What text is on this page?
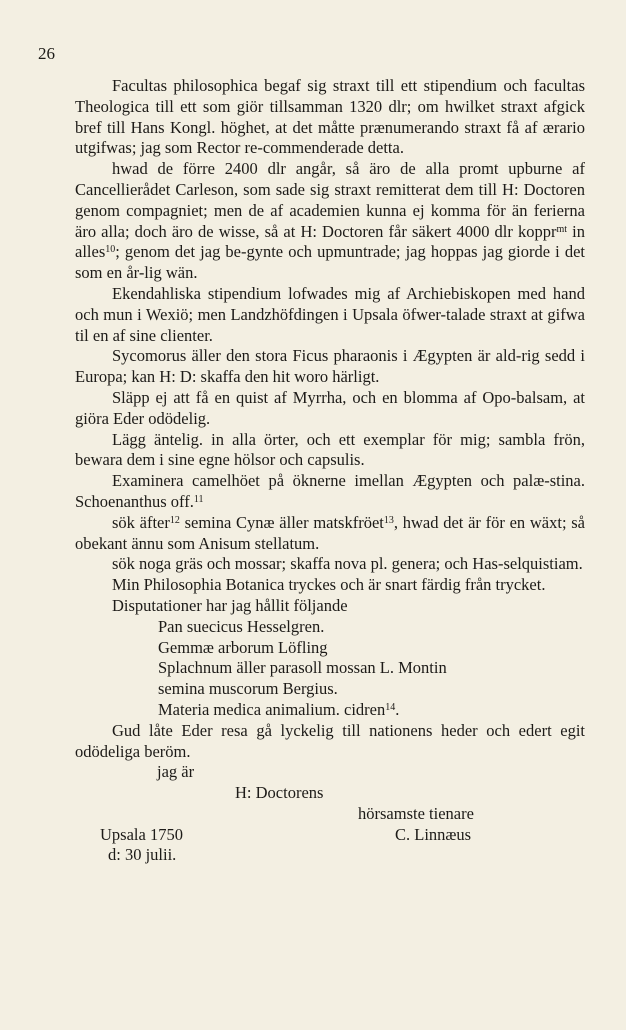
26

Facultas philosophica begaf sig straxt till ett stipendium och facultas Theologica till ett som giör tillsamman 1320 dlr; om hwilket straxt afgick bref till Hans Kongl. höghet, at det måtte prænumerando straxt få af ærario utgifwas; jag som Rector re-commenderade detta.

hwad de förre 2400 dlr angår, så äro de alla promt upburne af Cancellierådet Carleson, som sade sig straxt remitterat dem till H: Doctoren genom compagniet; men de af academien kunna ej komma för än ferierna äro alla; doch äro de wisse, så at H: Doctoren får säkert 4000 dlr koppr$^{mt}$ in alles$^{10}$; genom det jag be-gynte och upmuntrade; jag hoppas jag giorde i det som en år-lig wän.

Ekendahliska stipendium lofwades mig af Archiebiskopen med hand och mun i Wexiö; men Landzhöfdingen i Upsala öfwer-talade straxt at gifwa til en af sine clienter.

Sycomorus äller den stora Ficus pharaonis i Ægypten är ald-rig sedd i Europa; kan H: D: skaffa den hit woro härligt.

Släpp ej att få en quist af Myrrha, och en blomma af Opo-balsam, at giöra Eder odödelig.

Lägg äntelig. in alla örter, och ett exemplar för mig; sambla frön, bewara dem i sine egne hölsor och capsulis.

Examinera camelhöet på öknerne imellan Ægypten och palæ-stina. Schoenanthus off.$^{11}$

sök äfter$^{12}$ semina Cynæ äller matskfröet$^{13}$, hwad det är för en wäxt; så obekant ännu som Anisum stellatum.

sök noga gräs och mossar; skaffa nova pl. genera; och Has-selquistiam.

Min Philosophia Botanica tryckes och är snart färdig från trycket.

Disputationer har jag hållit följande

Pan suecicus Hesselgren.
Gemmæ arborum Löfling
Splachnum äller parasoll mossan L. Montin
semina muscorum Bergius.
Materia medica animalium. cidren$^{14}$.

Gud låte Eder resa gå lyckelig till nationens heder och edert egit odödeliga beröm.

jag är
H: Doctorens
hörsamste tienare
Upsala 1750	C. Linnæus
d: 30 julii.
